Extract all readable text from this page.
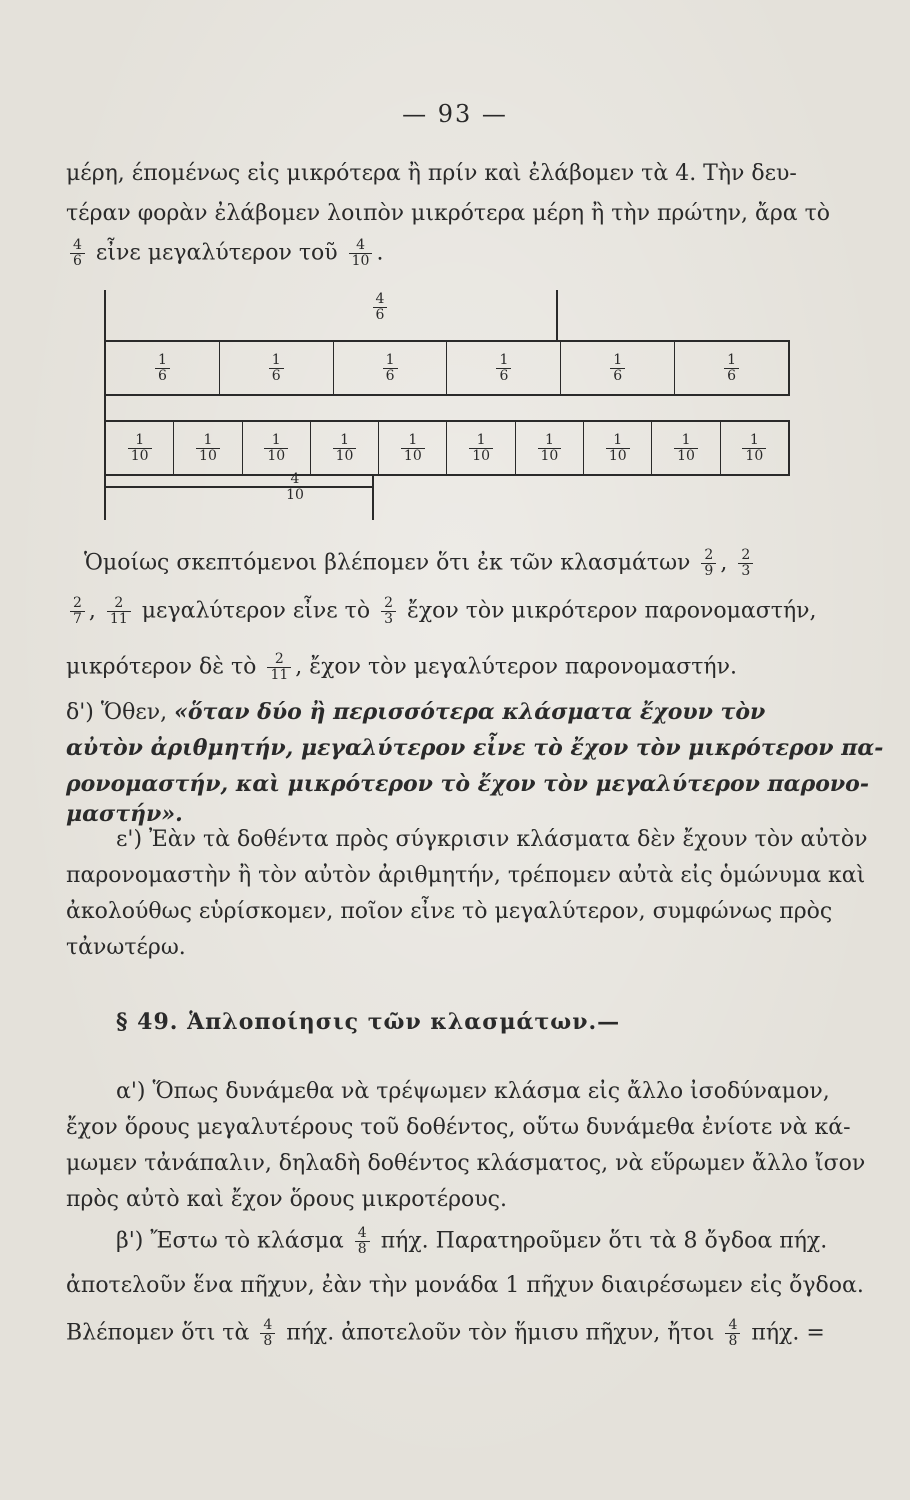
— 93 —
μέρη, έπομένως εἰς μικρότερα ἢ πρίν καὶ ἐλάβομεν τὰ 4. Τὴν δευ-
τέραν φορὰν ἐλάβομεν λοιπὸν μικρότερα μέρη ἢ τὴν πρώτην, ἄρα τὸ
$\frac{4}{6}$ εἶνε μεγαλύτερον τοῦ $\frac{4}{10}$ .
$\frac{4}{6}$
$\frac{1}{6}$	$\frac{1}{6}$	$\frac{1}{6}$	$\frac{1}{6}$	$\frac{1}{6}$	$\frac{1}{6}$
$\frac{1}{10}$	$\frac{1}{10}$	$\frac{1}{10}$	$\frac{1}{10}$	$\frac{1}{10}$	$\frac{1}{10}$	$\frac{1}{10}$	$\frac{1}{10}$	$\frac{1}{10}$	$\frac{1}{10}$
$\frac{4}{10}$
Ὁμοίως σκεπτόμενοι βλέπομεν ὅτι ἐκ τῶν κλασμάτων $\frac{2}{9}$ , $\frac{2}{3}$
$\frac{2}{7}$ , $\frac{2}{11}$ μεγαλύτερον εἶνε τὸ $\frac{2}{3}$ ἔχον τὸν μικρότερον παρονομαστήν,
μικρότερον δὲ τὸ $\frac{2}{11}$ , ἔχον τὸν μεγαλύτερον παρονομαστήν.
δ') Ὅθεν, «ὅταν δύο ἢ περισσότερα κλάσματα ἔχουν τὸν
αὐτὸν ἀριθμητήν, μεγαλύτερον εἶνε τὸ ἔχον τὸν μικρότερον πα-
ρονομαστήν, καὶ μικρότερον τὸ ἔχον τὸν μεγαλύτερον παρονο-
μαστήν».
ε') Ἐὰν τὰ δοθέντα πρὸς σύγκρισιν κλάσματα δὲν ἔχουν τὸν αὐτὸν
παρονομαστὴν ἢ τὸν αὐτὸν ἀριθμητήν, τρέπομεν αὐτὰ εἰς ὁμώνυμα καὶ
ἀκολούθως εὑρίσκομεν, ποῖον εἶνε τὸ μεγαλύτερον, συμφώνως πρὸς
τἀνωτέρω.
§ 49. Ἁπλοποίησις τῶν κλασμάτων.—
α') Ὅπως δυνάμεθα νὰ τρέψωμεν κλάσμα εἰς ἄλλο ἰσοδύναμον,
ἔχον ὅρους μεγαλυτέρους τοῦ δοθέντος, οὕτω δυνάμεθα ἐνίοτε νὰ κά-
μωμεν τἀνάπαλιν, δηλαδὴ δοθέντος κλάσματος, νὰ εὕρωμεν ἄλλο ἴσον
πρὸς αὐτὸ καὶ ἔχον ὅρους μικροτέρους.
β') Ἔστω τὸ κλάσμα $\frac{4}{8} \pi ή\chi$. Παρατηροῦμεν ὅτι τὰ 8 ὄγδοα πήχ.
ἀποτελοῦν ἕνα πῆχυν, ἐὰν τὴν μονάδα 1 πῆχυν διαιρέσωμεν εἰς ὄγδοα.
Βλέπομεν ὅτι τὰ $\frac{4}{8} \pi ή\chi$. ἀποτελοῦν τὸν ἥμισυ πῆχυν, ἤτοι $\frac{4}{8} \pi ή\chi$. =
